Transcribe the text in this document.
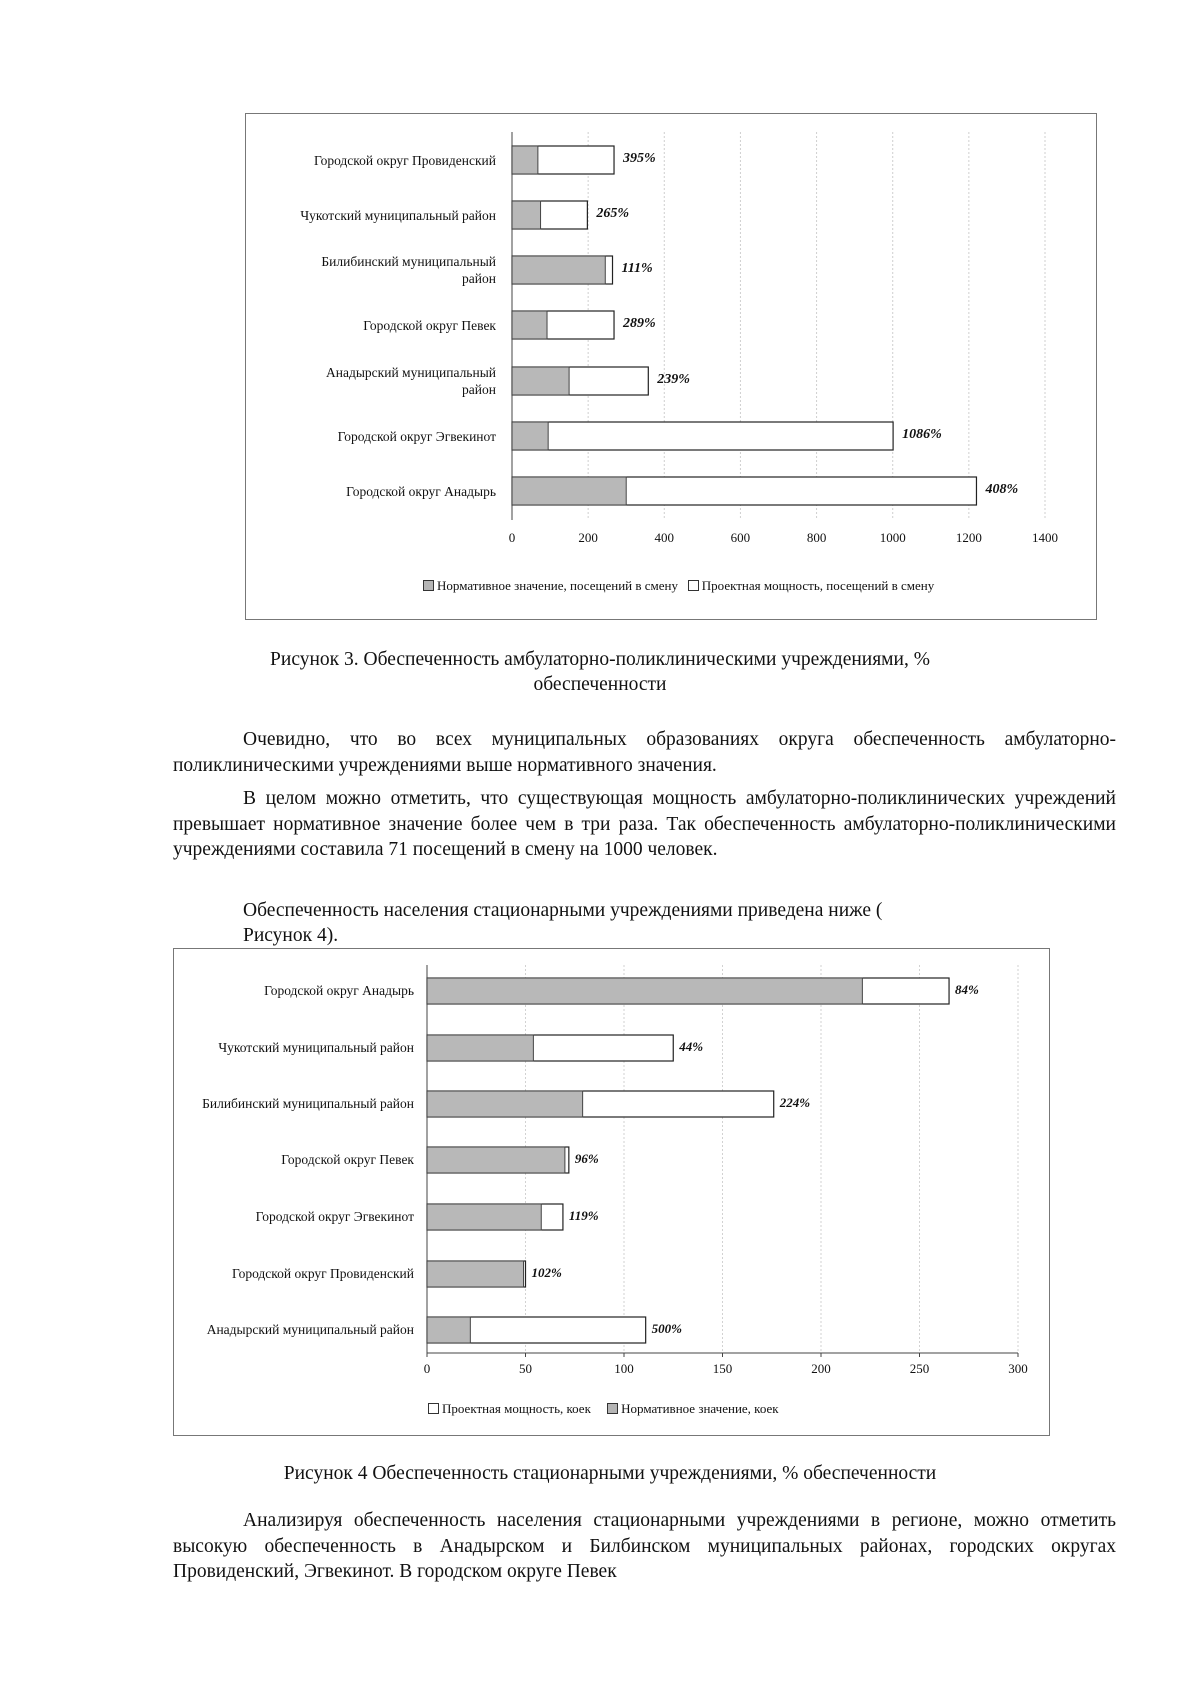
Городской округ Провиденский
Чукотский муниципальный район
Билибинский муниципальный
район
Городской округ Певек
Анадырский муниципальный
район
Городской округ Эгвекинот
Городской округ Анадырь
395%
265%
111%
289%
239%
1086%
408%
0	200	400	600	800	1000	1200	1400
Нормативное значение, посещений в смену Проектная мощность, посещений в смену
Рисунок 3. Обеспеченность амбулаторно-поликлиническими учреждениями, %
обеспеченности
Очевидно, что во всех муниципальных образованиях округа обеспеченность амбулаторно-поликлиническими учреждениями выше нормативного значения.
В целом можно отметить, что существующая мощность амбулаторно-поликлинических учреждений превышает нормативное значение более чем в три раза. Так обеспеченность амбулаторно-поликлиническими учреждениями составила 71 посещений в смену на 1000 человек.
Обеспеченность населения стационарными учреждениями приведена ниже (
Рисунок 4).
Городской округ Анадырь
Чукотский муниципальный район
Билибинский муниципальный район
Городской округ Певек
Городской округ Эгвекинот
Городской округ Провиденский
Анадырский муниципальный район
84%
44%
224%
96%
119%
102%
500%
0	50	100	150	200	250	300
Проектная мощность, коек Нормативное значение, коек
Рисунок 4 Обеспеченность стационарными учреждениями, % обеспеченности
Анализируя обеспеченность населения стационарными учреждениями в регионе, можно отметить высокую обеспеченность в Анадырском и Билбинском муниципальных районах, городских округах Провиденский, Эгвекинот. В городском округе Певек
